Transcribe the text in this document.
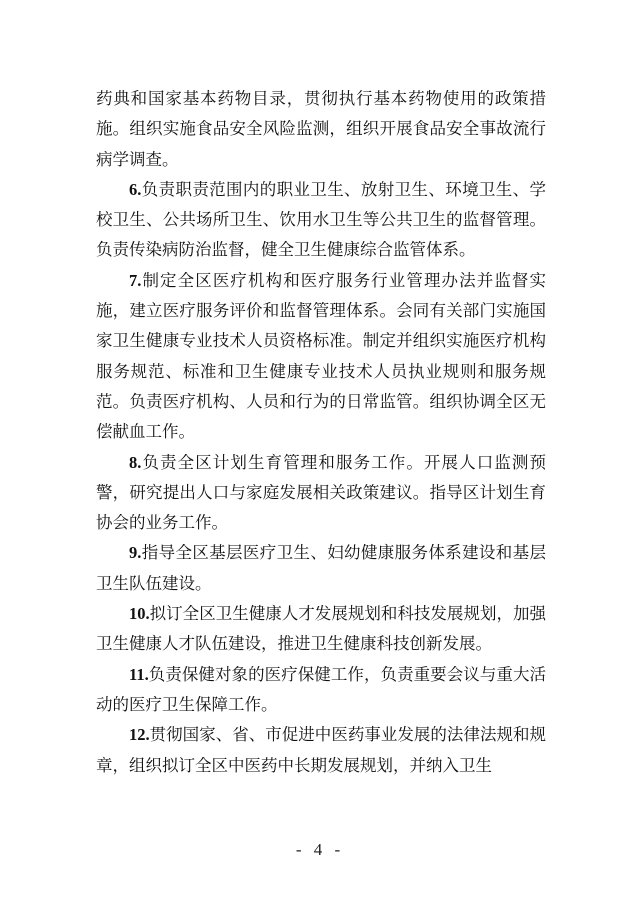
药典和国家基本药物目录，贯彻执行基本药物使用的政策措施。组织实施食品安全风险监测，组织开展食品安全事故流行病学调查。

6.负责职责范围内的职业卫生、放射卫生、环境卫生、学校卫生、公共场所卫生、饮用水卫生等公共卫生的监督管理。负责传染病防治监督，健全卫生健康综合监管体系。

7.制定全区医疗机构和医疗服务行业管理办法并监督实施，建立医疗服务评价和监督管理体系。会同有关部门实施国家卫生健康专业技术人员资格标准。制定并组织实施医疗机构服务规范、标准和卫生健康专业技术人员执业规则和服务规范。负责医疗机构、人员和行为的日常监管。组织协调全区无偿献血工作。

8.负责全区计划生育管理和服务工作。开展人口监测预警，研究提出人口与家庭发展相关政策建议。指导区计划生育协会的业务工作。

9.指导全区基层医疗卫生、妇幼健康服务体系建设和基层卫生队伍建设。

10.拟订全区卫生健康人才发展规划和科技发展规划，加强卫生健康人才队伍建设，推进卫生健康科技创新发展。

11.负责保健对象的医疗保健工作，负责重要会议与重大活动的医疗卫生保障工作。

12.贯彻国家、省、市促进中医药事业发展的法律法规和规章，组织拟订全区中医药中长期发展规划，并纳入卫生

- 4 -
